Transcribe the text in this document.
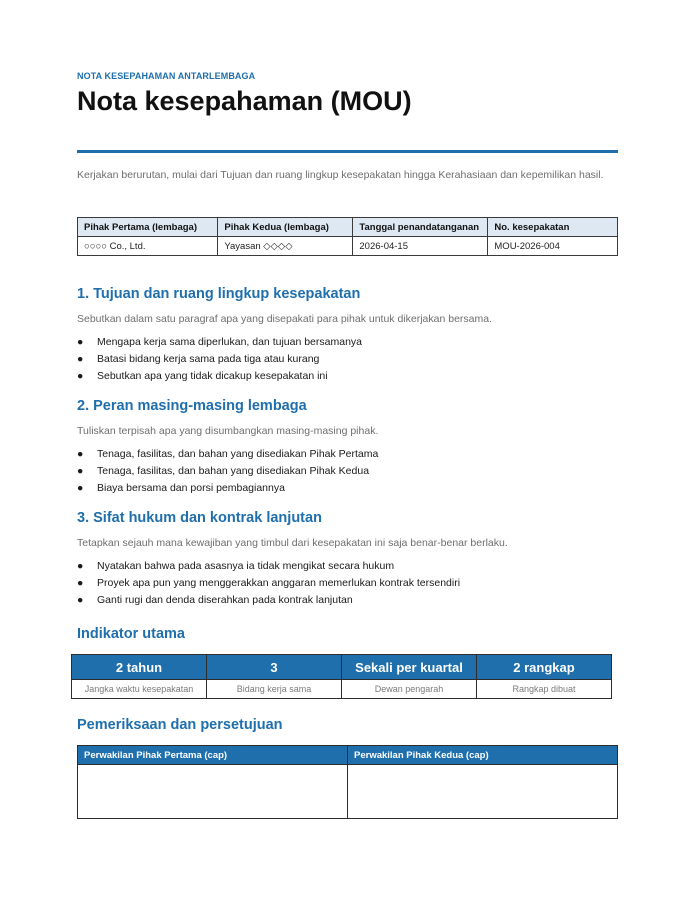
NOTA KESEPAHAMAN ANTARLEMBAGA
Nota kesepahaman (MOU)

Kerjakan berurutan, mulai dari Tujuan dan ruang lingkup kesepakatan hingga Kerahasiaan dan kepemilikan hasil.

Pihak Pertama (lembaga)	Pihak Kedua (lembaga)	Tanggal penandatanganan	No. kesepakatan
○○○○ Co., Ltd.	Yayasan ◇◇◇◇	2026-04-15	MOU-2026-004
1. Tujuan dan ruang lingkup kesepakatan

Sebutkan dalam satu paragraf apa yang disepakati para pihak untuk dikerjakan bersama.

● Mengapa kerja sama diperlukan, dan tujuan bersamanya
● Batasi bidang kerja sama pada tiga atau kurang
● Sebutkan apa yang tidak dicakup kesepakatan ini
2. Peran masing-masing lembaga

Tuliskan terpisah apa yang disumbangkan masing-masing pihak.

● Tenaga, fasilitas, dan bahan yang disediakan Pihak Pertama
● Tenaga, fasilitas, dan bahan yang disediakan Pihak Kedua
● Biaya bersama dan porsi pembagiannya
3. Sifat hukum dan kontrak lanjutan

Tetapkan sejauh mana kewajiban yang timbul dari kesepakatan ini saja benar-benar berlaku.

● Nyatakan bahwa pada asasnya ia tidak mengikat secara hukum
● Proyek apa pun yang menggerakkan anggaran memerlukan kontrak tersendiri
● Ganti rugi dan denda diserahkan pada kontrak lanjutan
Indikator utama
2 tahun	3	Sekali per kuartal	2 rangkap
Jangka waktu kesepakatan	Bidang kerja sama	Dewan pengarah	Rangkap dibuat
Pemeriksaan dan persetujuan
Perwakilan Pihak Pertama (cap)	Perwakilan Pihak Kedua (cap)
